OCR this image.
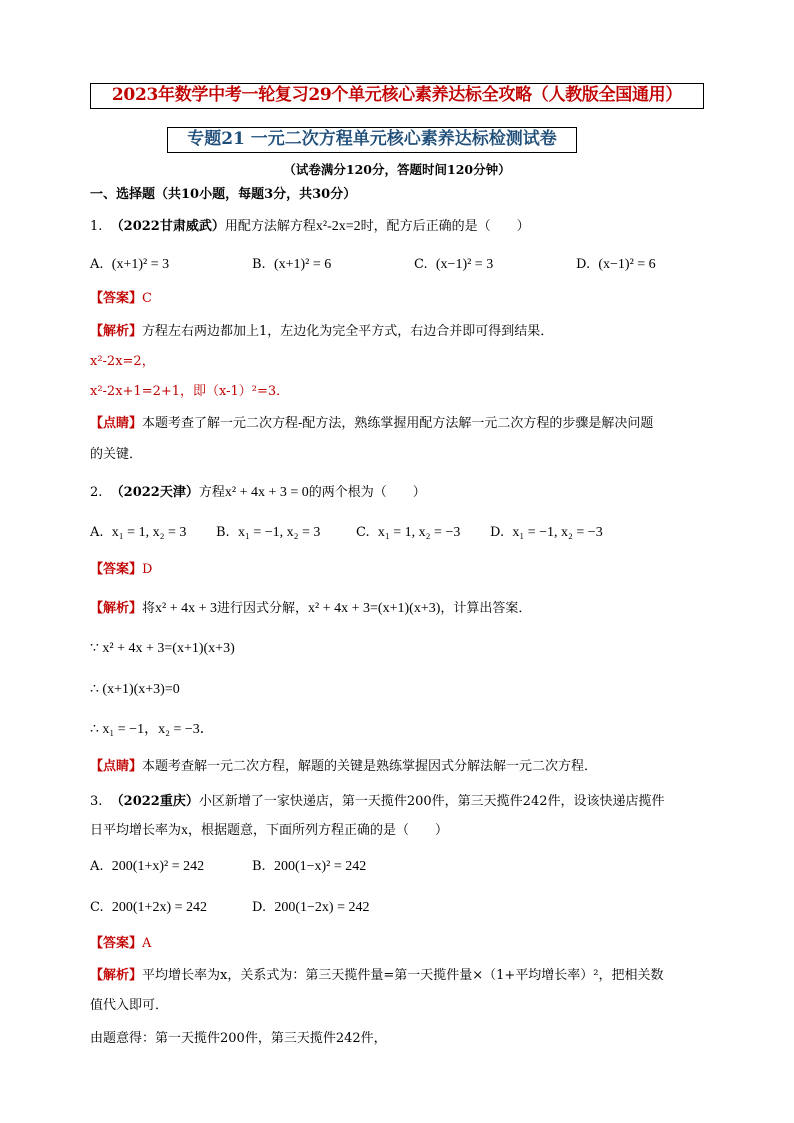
2023年数学中考一轮复习29个单元核心素养达标全攻略（人教版全国通用）
专题21 一元二次方程单元核心素养达标检测试卷
（试卷满分120分，答题时间120分钟）
一、选择题（共10小题，每题3分，共30分）
1. （2022甘肃威武）用配方法解方程x²-2x=2时，配方后正确的是（　　）
A. (x+1)² = 3	B. (x+1)² = 6	C. (x−1)² = 3	D. (x−1)² = 6
【答案】C
【解析】方程左右两边都加上1，左边化为完全平方式，右边合并即可得到结果．
x²-2x=2，
x²-2x+1=2+1，即（x-1）²=3．
【点睛】本题考查了解一元二次方程-配方法，熟练掌握用配方法解一元二次方程的步骤是解决问题
的关键．
2. （2022天津）方程x² + 4x + 3 = 0的两个根为（　　）
A. x₁ = 1, x₂ = 3 B. x₁ = −1, x₂ = 3	C. x₁ = 1, x₂ = −3 D. x₁ = −1, x₂ = −3
【答案】D
【解析】将x² + 4x + 3进行因式分解，x² + 4x + 3=(x+1)(x+3)，计算出答案．
∵ x² + 4x + 3=(x+1)(x+3)
∴ (x+1)(x+3)=0
∴ x₁ = −1，x₂ = −3．
【点睛】本题考查解一元二次方程，解题的关键是熟练掌握因式分解法解一元二次方程．
3. （2022重庆）小区新增了一家快递店，第一天揽件200件，第三天揽件242件，设该快递店揽件
日平均增长率为x，根据题意，下面所列方程正确的是（　　）
A. 200(1+x)² = 242	B. 200(1−x)² = 242
C. 200(1+2x) = 242	D. 200(1−2x) = 242
【答案】A
【解析】平均增长率为x，关系式为：第三天揽件量=第一天揽件量×（1+平均增长率）²，把相关数
值代入即可．
由题意得：第一天揽件200件，第三天揽件242件，
